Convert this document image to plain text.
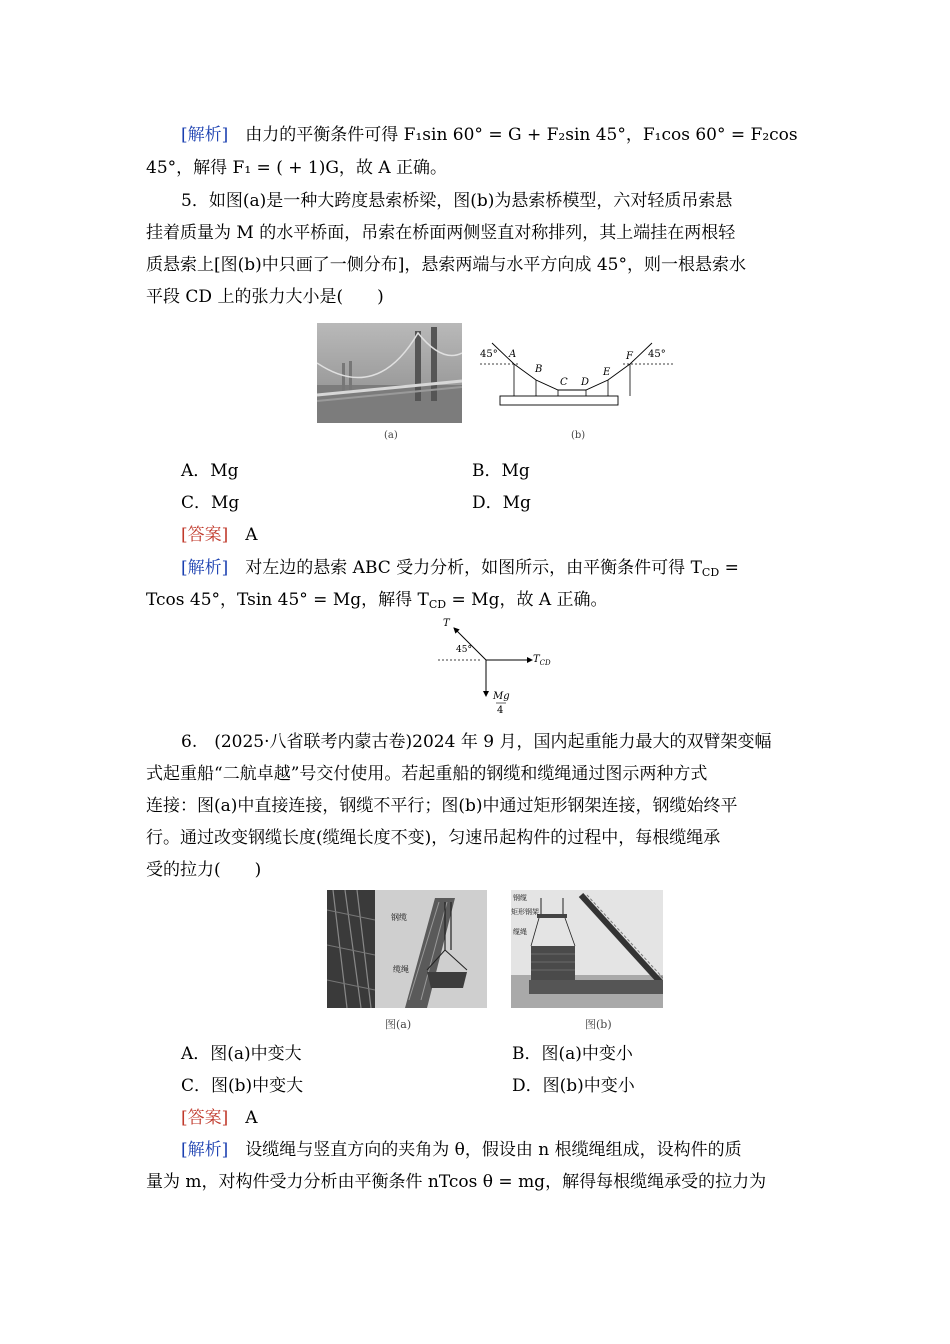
[解析]　由力的平衡条件可得 F₁sin 60° = G + F₂sin 45°，F₁cos 60° = F₂cos
45°，解得 F₁ = ( + 1)G，故 A 正确。
5．如图(a)是一种大跨度悬索桥梁，图(b)为悬索桥模型，六对轻质吊索悬
挂着质量为 M 的水平桥面，吊索在桥面两侧竖直对称排列，其上端挂在两根轻
质悬索上[图(b)中只画了一侧分布]，悬索两端与水平方向成 45°，则一根悬索水
平段 CD 上的张力大小是(　　)
(a)
45°	45°
A
B
C D
E
F
(b)
A．Mg	B．Mg
C．Mg	D．Mg
[答案]　 A
[解析]　对左边的悬索 ABC 受力分析，如图所示，由平衡条件可得 $T_{CD}$ =
Tcos 45°，Tsin 45° = Mg，解得 $T_{CD} = Mg$，故 A 正确。
T
45°
$T_{CD}$
Mg
4
6.　(2025·八省联考内蒙古卷)2024 年 9 月，国内起重能力最大的双臂架变幅
式起重船“二航卓越”号交付使用。若起重船的钢缆和缆绳通过图示两种方式
连接：图(a)中直接连接，钢缆不平行；图(b)中通过矩形钢架连接，钢缆始终平
行。通过改变钢缆长度(缆绳长度不变)，匀速吊起构件的过程中，每根缆绳承
受的拉力(　　)
钢缆
缆绳
图(a)
钢缆
矩形钢架
缆绳
图(b)
A．图(a)中变大	B．图(a)中变小
C．图(b)中变大	D．图(b)中变小
[答案]　 A
[解析]　设缆绳与竖直方向的夹角为 θ，假设由 n 根缆绳组成，设构件的质
量为 m，对构件受力分析由平衡条件 nTcos θ = mg，解得每根缆绳承受的拉力为
